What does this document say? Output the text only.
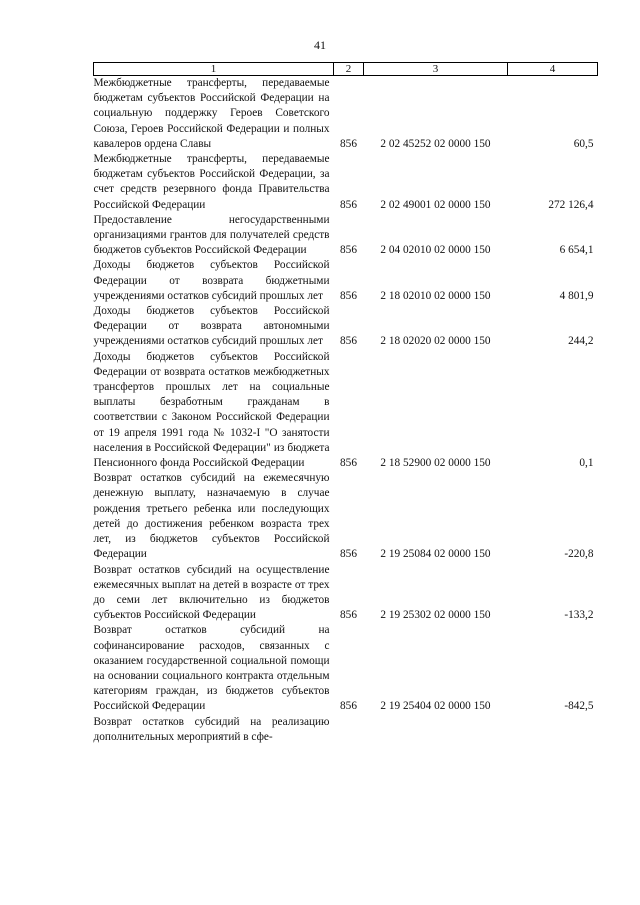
41
1	2	3	4
Межбюджетные трансферты, передаваемые бюджетам субъектов Российской Федерации на социальную поддержку Героев Советского Союза, Героев Российской Федерации и полных кавалеров ордена Славы	856	2 02 45252 02 0000 150	60,5
Межбюджетные трансферты, передаваемые бюджетам субъектов Российской Федерации, за счет средств резервного фонда Правительства Российской Федерации	856	2 02 49001 02 0000 150	272 126,4
Предоставление негосударственными организациями грантов для получателей средств бюджетов субъектов Российской Федерации	856	2 04 02010 02 0000 150	6 654,1
Доходы бюджетов субъектов Российской Федерации от возврата бюджетными учреждениями остатков субсидий прошлых лет	856	2 18 02010 02 0000 150	4 801,9
Доходы бюджетов субъектов Российской Федерации от возврата автономными учреждениями остатков субсидий прошлых лет	856	2 18 02020 02 0000 150	244,2
Доходы бюджетов субъектов Российской Федерации от возврата остатков межбюджетных трансфертов прошлых лет на социальные выплаты безработным гражданам в соответствии с Законом Российской Федерации от 19 апреля 1991 года № 1032-I "О занятости населения в Российской Федерации" из бюджета Пенсионного фонда Российской Федерации	856	2 18 52900 02 0000 150	0,1
Возврат остатков субсидий на ежемесячную денежную выплату, назначаемую в случае рождения третьего ребенка или последующих детей до достижения ребенком возраста трех лет, из бюджетов субъектов Российской Федерации	856	2 19 25084 02 0000 150	-220,8
Возврат остатков субсидий на осуществление ежемесячных выплат на детей в возрасте от трех до семи лет включительно из бюджетов субъектов Российской Федерации	856	2 19 25302 02 0000 150	-133,2
Возврат остатков субсидий на софинансирование расходов, связанных с оказанием государственной социальной помощи на основании социального контракта отдельным категориям граждан, из бюджетов субъектов Российской Федерации	856	2 19 25404 02 0000 150	-842,5
Возврат остатков субсидий на реализацию дополнительных мероприятий в сфе-			
